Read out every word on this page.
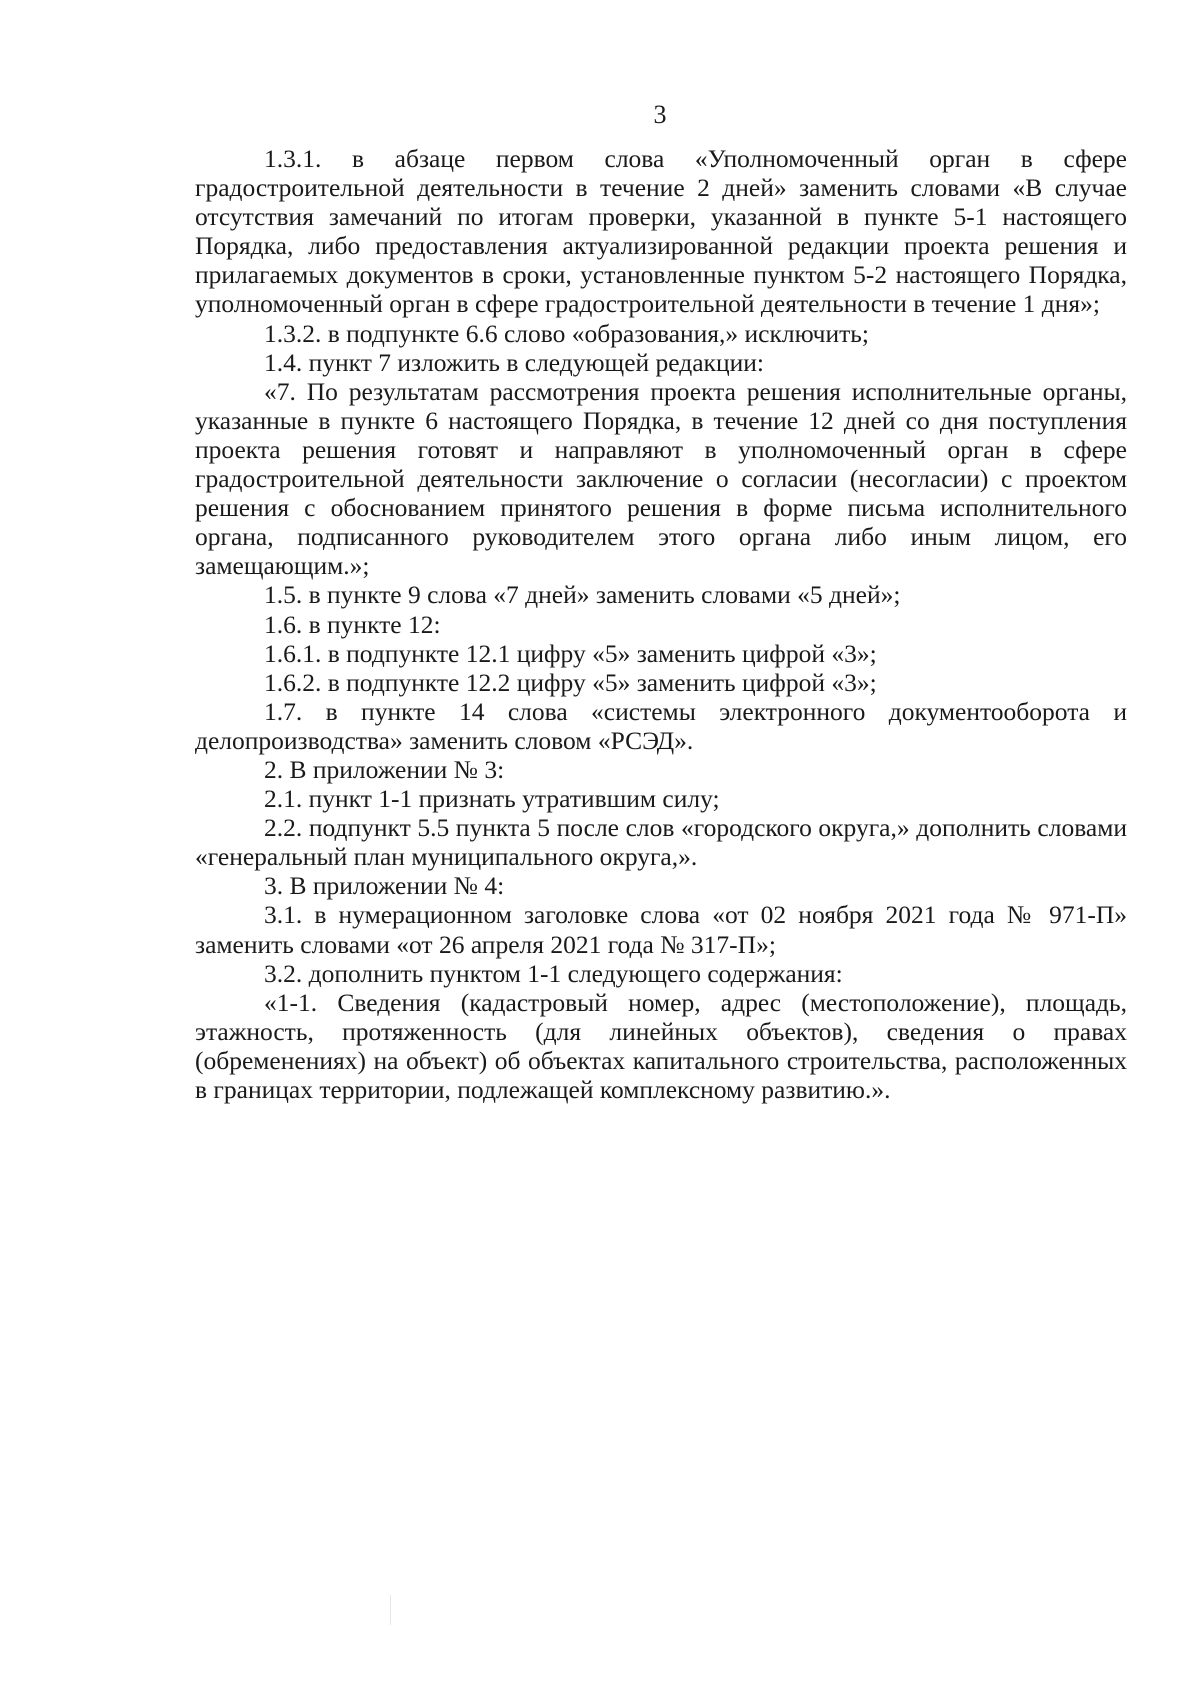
3

1.3.1. в абзаце первом слова «Уполномоченный орган в сфере градостроительной деятельности в течение 2 дней» заменить словами «В случае отсутствия замечаний по итогам проверки, указанной в пункте 5-1 настоящего Порядка, либо предоставления актуализированной редакции проекта решения и прилагаемых документов в сроки, установленные пунктом 5-2 настоящего Порядка, уполномоченный орган в сфере градостроительной деятельности в течение 1 дня»;

1.3.2. в подпункте 6.6 слово «образования,» исключить;

1.4. пункт 7 изложить в следующей редакции:

«7. По результатам рассмотрения проекта решения исполнительные органы, указанные в пункте 6 настоящего Порядка, в течение 12 дней со дня поступления проекта решения готовят и направляют в уполномоченный орган в сфере градостроительной деятельности заключение о согласии (несогласии) с проектом решения с обоснованием принятого решения в форме письма исполнительного органа, подписанного руководителем этого органа либо иным лицом, его замещающим.»;

1.5. в пункте 9 слова «7 дней» заменить словами «5 дней»;

1.6. в пункте 12:

1.6.1. в подпункте 12.1 цифру «5» заменить цифрой «3»;

1.6.2. в подпункте 12.2 цифру «5» заменить цифрой «3»;

1.7. в пункте 14 слова «системы электронного документооборота и делопроизводства» заменить словом «РСЭД».

2. В приложении № 3:

2.1. пункт 1-1 признать утратившим силу;

2.2. подпункт 5.5 пункта 5 после слов «городского округа,» дополнить словами «генеральный план муниципального округа,».

3. В приложении № 4:

3.1. в нумерационном заголовке слова «от 02 ноября 2021 года № 971-П» заменить словами «от 26 апреля 2021 года № 317-П»;

3.2. дополнить пунктом 1-1 следующего содержания:

«1-1. Сведения (кадастровый номер, адрес (местоположение), площадь, этажность, протяженность (для линейных объектов), сведения о правах (обременениях) на объект) об объектах капитального строительства, расположенных в границах территории, подлежащей комплексному развитию.».
